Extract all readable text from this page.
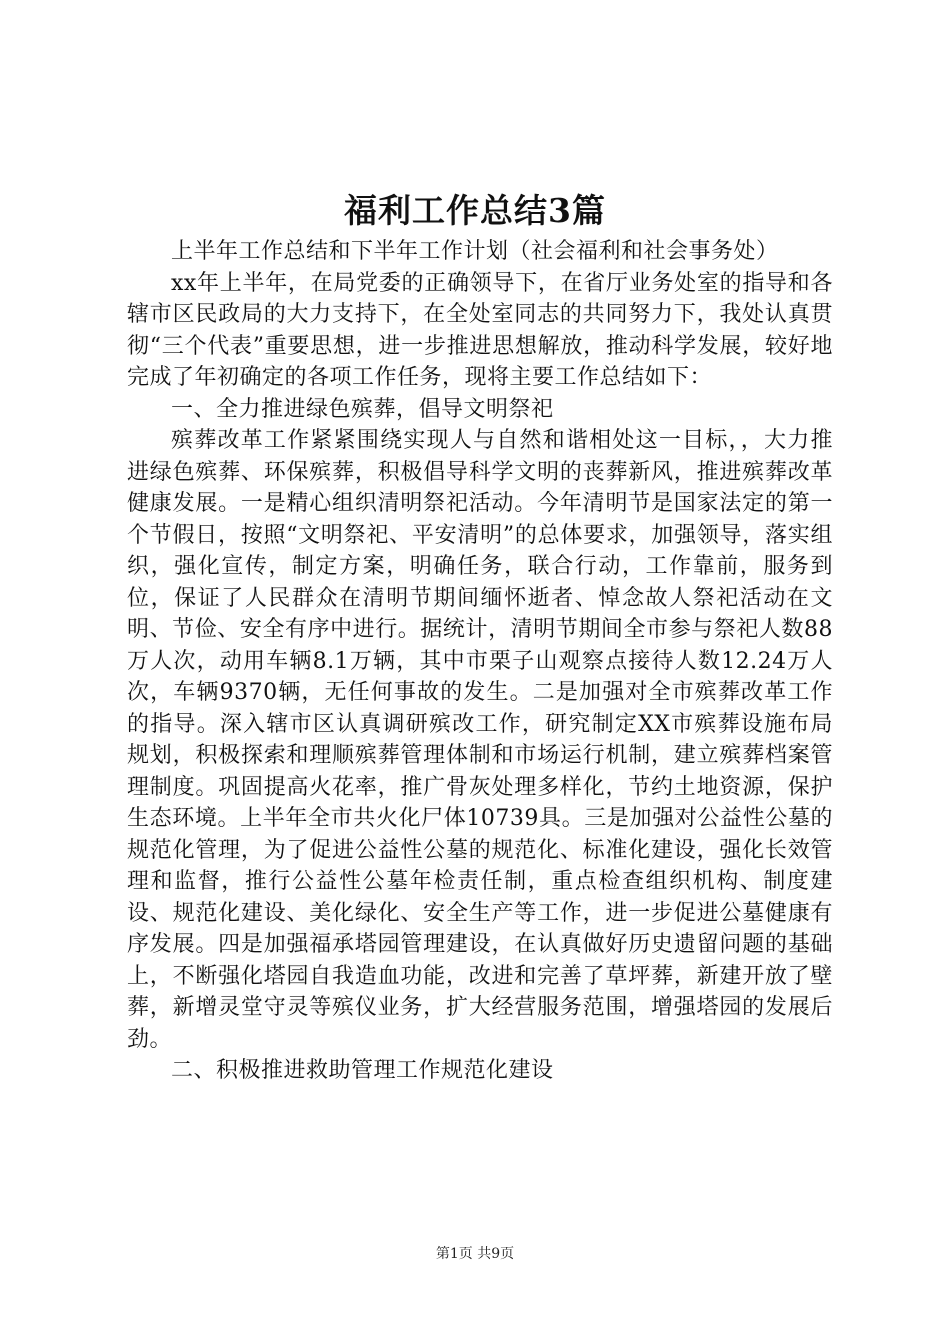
福利工作总结3篇

上半年工作总结和下半年工作计划（社会福利和社会事务处）

xx年上半年，在局党委的正确领导下，在省厅业务处室的指导和各辖市区民政局的大力支持下，在全处室同志的共同努力下，我处认真贯彻“三个代表”重要思想，进一步推进思想解放，推动科学发展，较好地完成了年初确定的各项工作任务，现将主要工作总结如下：

一、全力推进绿色殡葬，倡导文明祭祀

殡葬改革工作紧紧围绕实现人与自然和谐相处这一目标，，大力推进绿色殡葬、环保殡葬，积极倡导科学文明的丧葬新风，推进殡葬改革健康发展。一是精心组织清明祭祀活动。今年清明节是国家法定的第一个节假日，按照“文明祭祀、平安清明”的总体要求，加强领导，落实组织，强化宣传，制定方案，明确任务，联合行动，工作靠前，服务到位，保证了人民群众在清明节期间缅怀逝者、悼念故人祭祀活动在文明、节俭、安全有序中进行。据统计，清明节期间全市参与祭祀人数88万人次，动用车辆8.1万辆，其中市栗子山观察点接待人数12.24万人次，车辆9370辆，无任何事故的发生。二是加强对全市殡葬改革工作的指导。深入辖市区认真调研殡改工作，研究制定XX市殡葬设施布局规划，积极探索和理顺殡葬管理体制和市场运行机制，建立殡葬档案管理制度。巩固提高火花率，推广骨灰处理多样化，节约土地资源，保护生态环境。上半年全市共火化尸体10739具。三是加强对公益性公墓的规范化管理，为了促进公益性公墓的规范化、标准化建设，强化长效管理和监督，推行公益性公墓年检责任制，重点检查组织机构、制度建设、规范化建设、美化绿化、安全生产等工作，进一步促进公墓健康有序发展。四是加强福承塔园管理建设，在认真做好历史遗留问题的基础上，不断强化塔园自我造血功能，改进和完善了草坪葬，新建开放了壁葬，新增灵堂守灵等殡仪业务，扩大经营服务范围，增强塔园的发展后劲。

二、积极推进救助管理工作规范化建设

第1页 共9页
